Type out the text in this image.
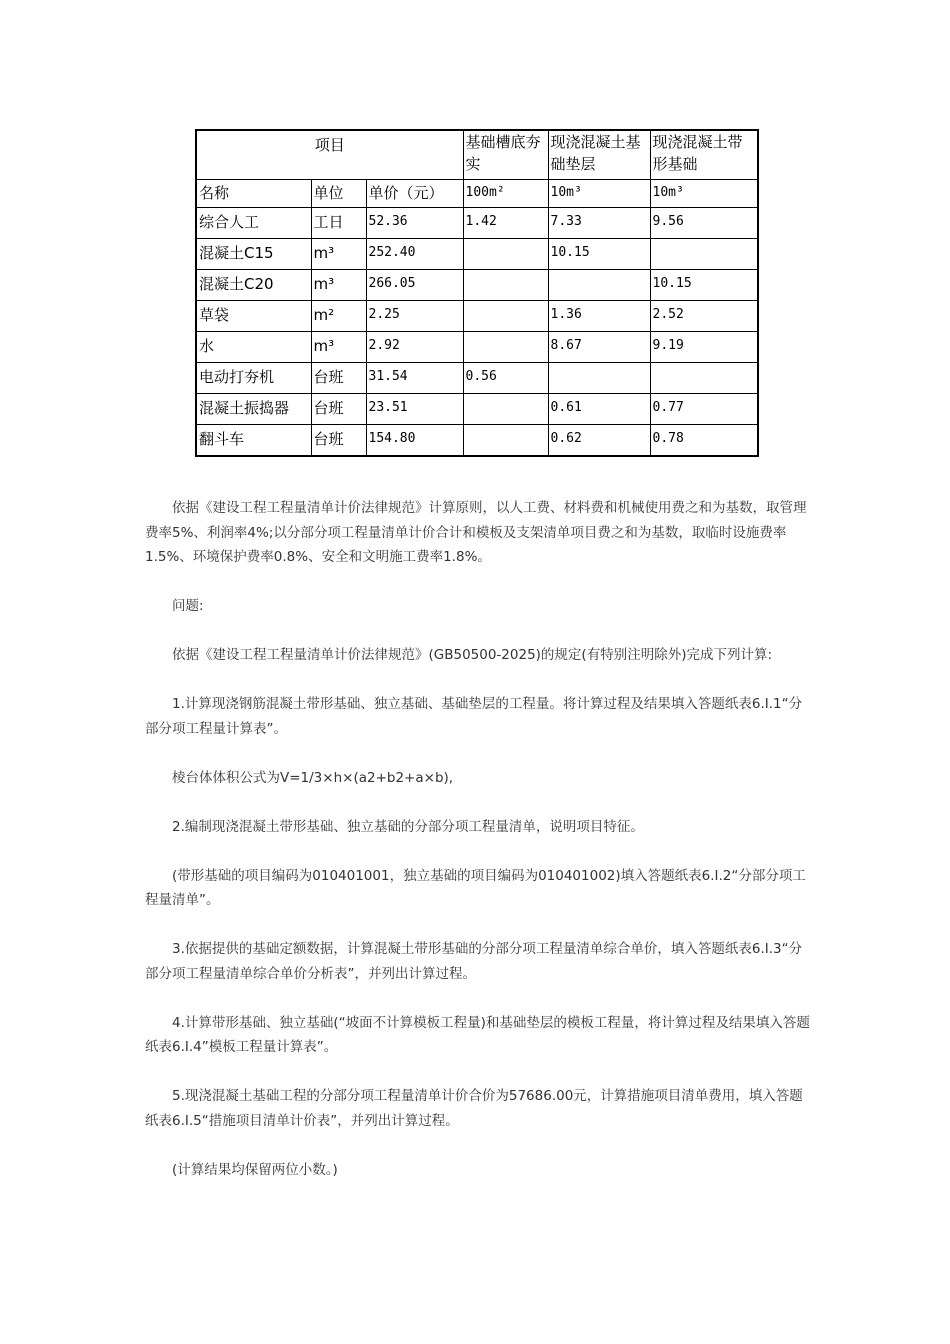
项目			基础槽底夯实	现浇混凝土基础垫层	现浇混凝土带形基础
名称	单位	单价（元）	100m²	10m³	10m³
综合人工	工日	52.36	1.42	7.33	9.56
混凝土C15	m³	252.40		10.15	
混凝土C20	m³	266.05			10.15
草袋	m²	2.25		1.36	2.52
水	m³	2.92		8.67	9.19
电动打夯机	台班	31.54	0.56		
混凝土振捣器	台班	23.51		0.61	0.77
翻斗车	台班	154.80		0.62	0.78

依据《建设工程工程量清单计价法律规范》计算原则，以人工费、材料费和机械使用费之和为基数，取管理费率5%、利润率4%;以分部分项工程量清单计价合计和模板及支架清单项目费之和为基数，取临时设施费率1.5%、环境保护费率0.8%、安全和文明施工费率1.8%。

问题:

依据《建设工程工程量清单计价法律规范》(GB50500-2025)的规定(有特别注明除外)完成下列计算:

1.计算现浇钢筋混凝土带形基础、独立基础、基础垫层的工程量。将计算过程及结果填入答题纸表6.Ⅰ.1“分部分项工程量计算表”。

棱台体体积公式为V=1/3×h×(a2+b2+a×b),

2.编制现浇混凝土带形基础、独立基础的分部分项工程量清单，说明项目特征。

(带形基础的项目编码为010401001，独立基础的项目编码为010401002)填入答题纸表6.Ⅰ.2“分部分项工程量清单”。

3.依据提供的基础定额数据，计算混凝土带形基础的分部分项工程量清单综合单价，填入答题纸表6.Ⅰ.3“分部分项工程量清单综合单价分析表”，并列出计算过程。

4.计算带形基础、独立基础(“坡面不计算模板工程量)和基础垫层的模板工程量，将计算过程及结果填入答题纸表6.Ⅰ.4”模板工程量计算表”。

5.现浇混凝土基础工程的分部分项工程量清单计价合价为57686.00元，计算措施项目清单费用，填入答题纸表6.Ⅰ.5“措施项目清单计价表”，并列出计算过程。

(计算结果均保留两位小数。)
